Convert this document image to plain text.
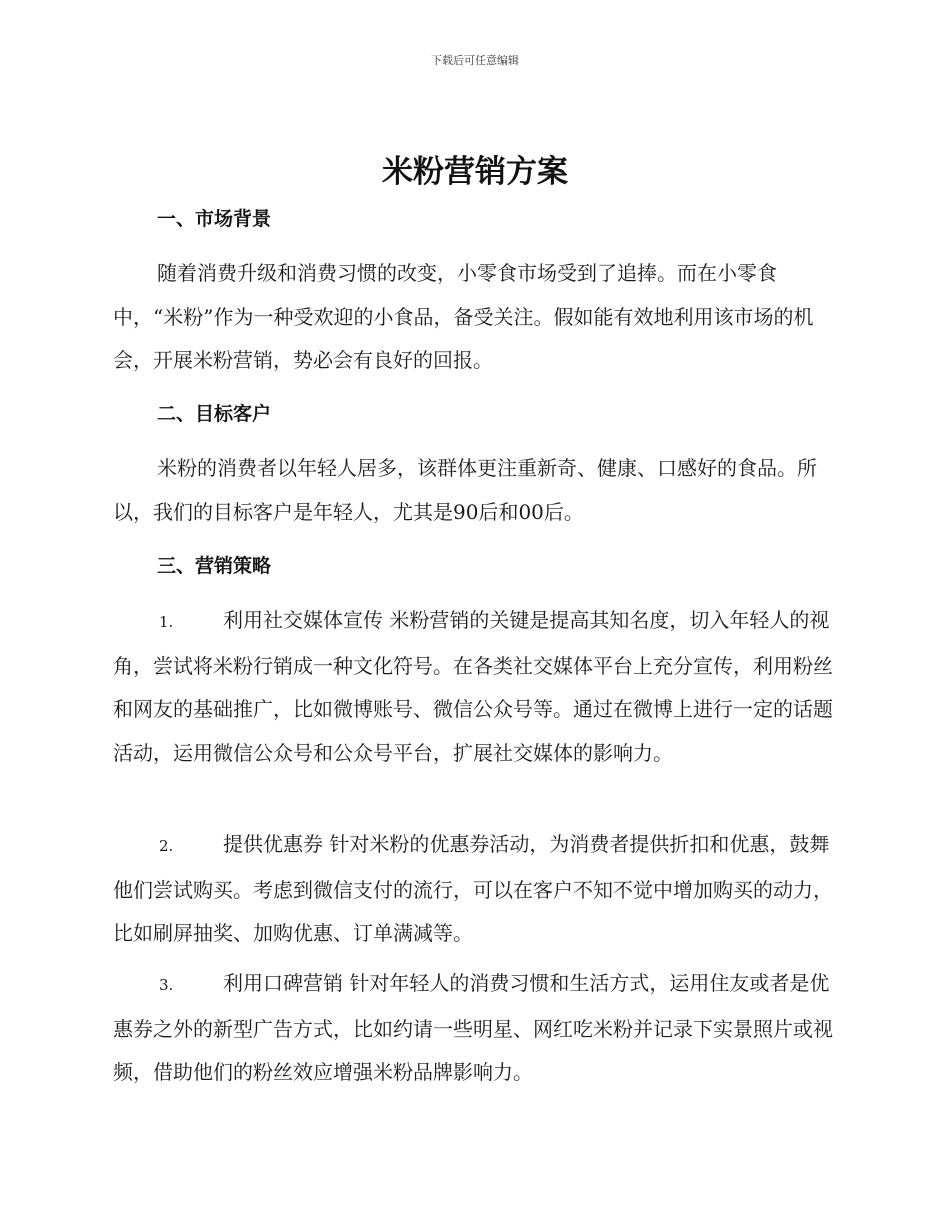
下载后可任意编辑
米粉营销方案
一、市场背景

随着消费升级和消费习惯的改变，小零食市场受到了追捧。而在小零食中，“米粉”作为一种受欢迎的小食品，备受关注。假如能有效地利用该市场的机会，开展米粉营销，势必会有良好的回报。

二、目标客户

米粉的消费者以年轻人居多，该群体更注重新奇、健康、口感好的食品。所以，我们的目标客户是年轻人，尤其是90后和00后。

三、营销策略

1. 利用社交媒体宣传 米粉营销的关键是提高其知名度，切入年轻人的视角，尝试将米粉行销成一种文化符号。在各类社交媒体平台上充分宣传，利用粉丝和网友的基础推广，比如微博账号、微信公众号等。通过在微博上进行一定的话题活动，运用微信公众号和公众号平台，扩展社交媒体的影响力。

2. 提供优惠券 针对米粉的优惠券活动，为消费者提供折扣和优惠，鼓舞他们尝试购买。考虑到微信支付的流行，可以在客户不知不觉中增加购买的动力，比如刷屏抽奖、加购优惠、订单满减等。

3. 利用口碑营销 针对年轻人的消费习惯和生活方式，运用住友或者是优惠券之外的新型广告方式，比如约请一些明星、网红吃米粉并记录下实景照片或视频，借助他们的粉丝效应增强米粉品牌影响力。
